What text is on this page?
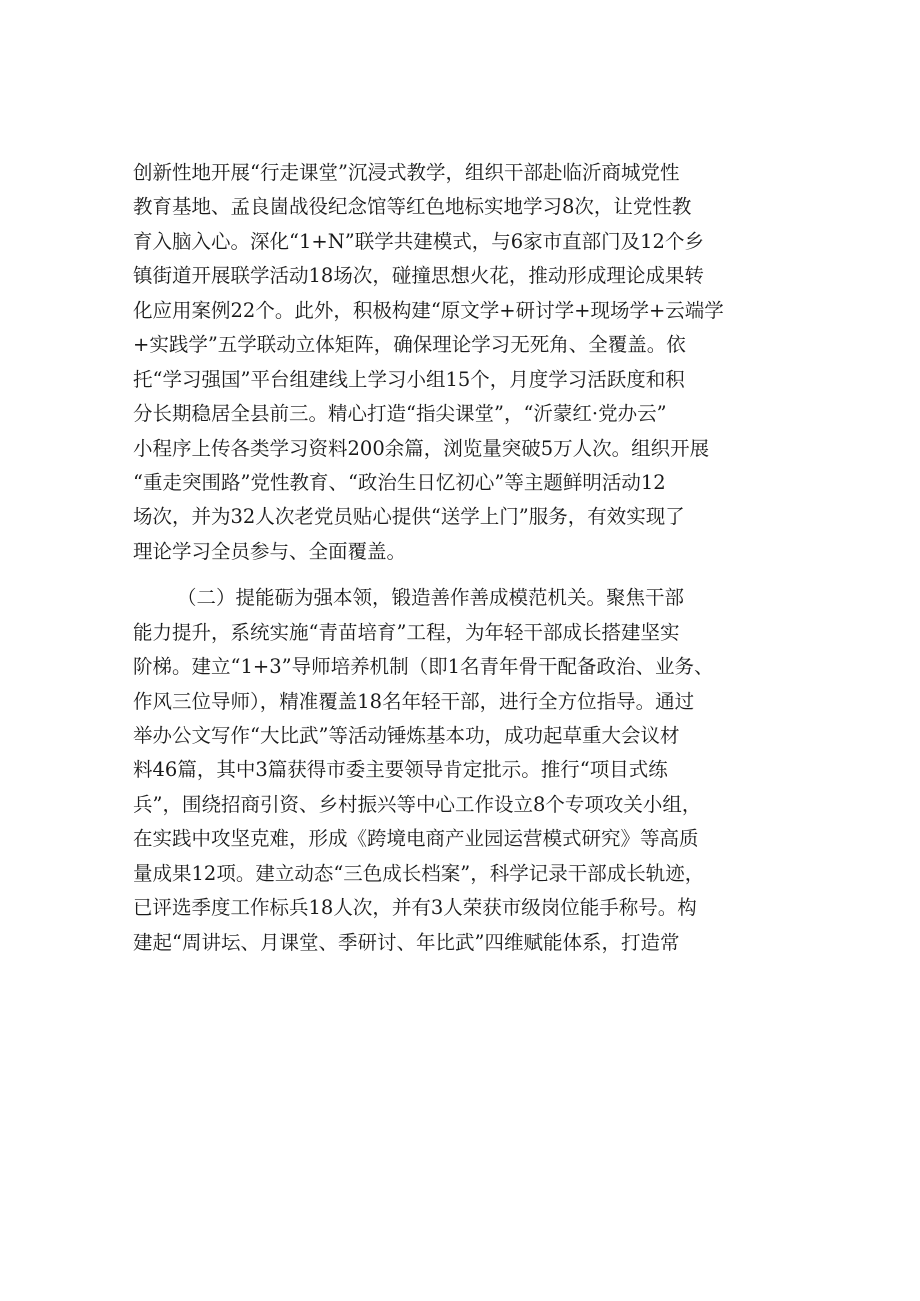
创新性地开展“行走课堂”沉浸式教学，组织干部赴临沂商城党性
教育基地、孟良崮战役纪念馆等红色地标实地学习8次，让党性教
育入脑入心。深化“1+N”联学共建模式，与6家市直部门及12个乡
镇街道开展联学活动18场次，碰撞思想火花，推动形成理论成果转
化应用案例22个。此外，积极构建“原文学+研讨学+现场学+云端学
+实践学”五学联动立体矩阵，确保理论学习无死角、全覆盖。依
托“学习强国”平台组建线上学习小组15个，月度学习活跃度和积
分长期稳居全县前三。精心打造“指尖课堂”，“沂蒙红·党办云”
小程序上传各类学习资料200余篇，浏览量突破5万人次。组织开展
“重走突围路”党性教育、“政治生日忆初心”等主题鲜明活动12
场次，并为32人次老党员贴心提供“送学上门”服务，有效实现了
理论学习全员参与、全面覆盖。
（二）提能砺为强本领，锻造善作善成模范机关。聚焦干部
能力提升，系统实施“青苗培育”工程，为年轻干部成长搭建坚实
阶梯。建立“1+3”导师培养机制（即1名青年骨干配备政治、业务、
作风三位导师），精准覆盖18名年轻干部，进行全方位指导。通过
举办公文写作“大比武”等活动锤炼基本功，成功起草重大会议材
料46篇，其中3篇获得市委主要领导肯定批示。推行“项目式练
兵”，围绕招商引资、乡村振兴等中心工作设立8个专项攻关小组，
在实践中攻坚克难，形成《跨境电商产业园运营模式研究》等高质
量成果12项。建立动态“三色成长档案”，科学记录干部成长轨迹，
已评选季度工作标兵18人次，并有3人荣获市级岗位能手称号。构
建起“周讲坛、月课堂、季研讨、年比武”四维赋能体系，打造常
